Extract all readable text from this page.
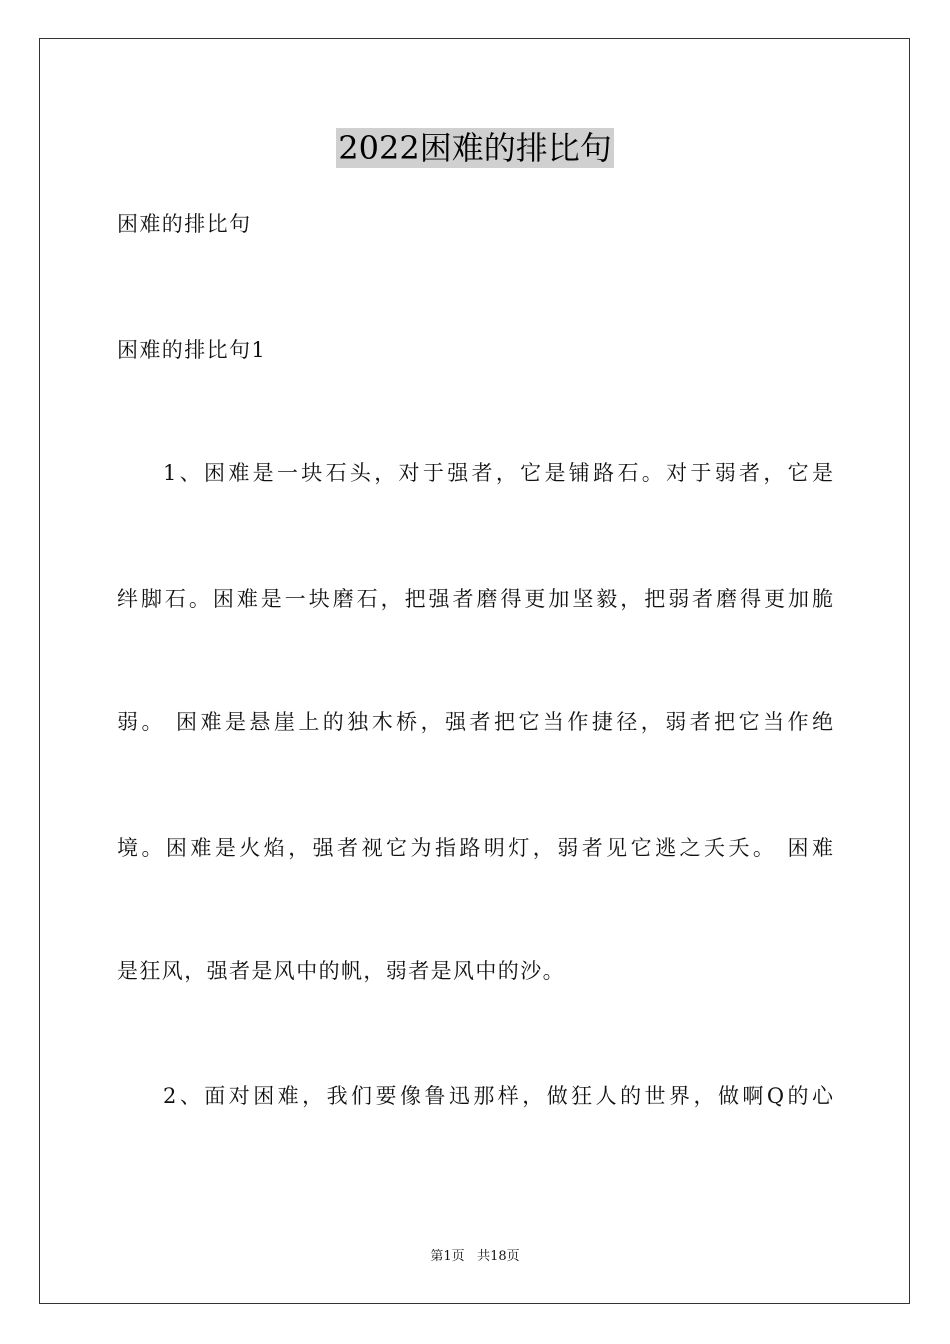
2022困难的排比句
困难的排比句
困难的排比句1
1、困难是一块石头，对于强者，它是铺路石。对于弱者，它是
绊脚石。困难是一块磨石，把强者磨得更加坚毅，把弱者磨得更加脆
弱。 困难是悬崖上的独木桥，强者把它当作捷径，弱者把它当作绝
境。困难是火焰，强者视它为指路明灯，弱者见它逃之夭夭。 困难
是狂风，强者是风中的帆，弱者是风中的沙。
2、面对困难，我们要像鲁迅那样，做狂人的世界，做啊Q的心
第1页 共18页
